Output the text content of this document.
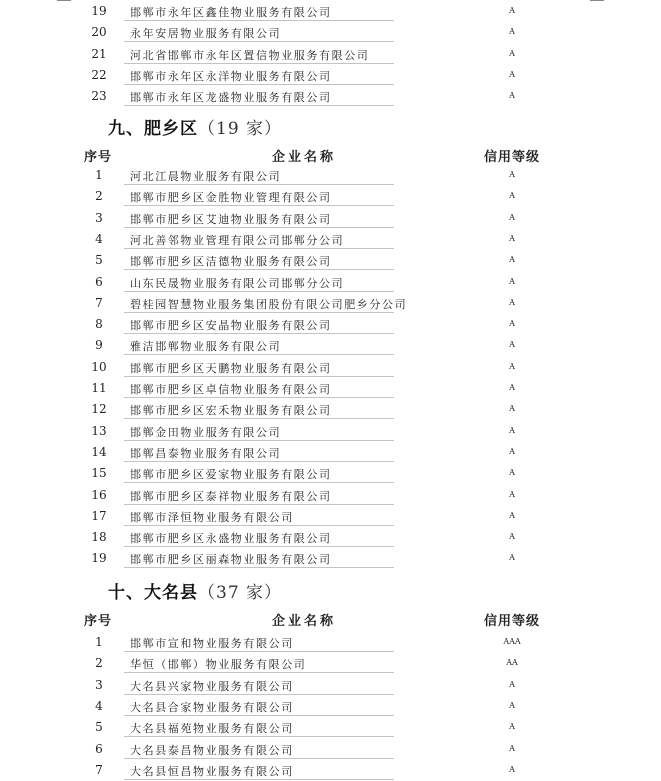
19	邯郸市永年区鑫佳物业服务有限公司	A
20	永年安居物业服务有限公司	A
21	河北省邯郸市永年区置信物业服务有限公司	A
22	邯郸市永年区永洋物业服务有限公司	A
23	邯郸市永年区龙盛物业服务有限公司	A
九、肥乡区（19 家）
序号	企业名称	信用等级
1	河北江晨物业服务有限公司	A
2	邯郸市肥乡区金胜物业管理有限公司	A
3	邯郸市肥乡区艾迪物业服务有限公司	A
4	河北善邻物业管理有限公司邯郸分公司	A
5	邯郸市肥乡区洁德物业服务有限公司	A
6	山东民晟物业服务有限公司邯郸分公司	A
7	碧桂园智慧物业服务集团股份有限公司肥乡分公司	A
8	邯郸市肥乡区安晶物业服务有限公司	A
9	雅洁邯郸物业服务有限公司	A
10	邯郸市肥乡区天鹏物业服务有限公司	A
11	邯郸市肥乡区卓信物业服务有限公司	A
12	邯郸市肥乡区宏禾物业服务有限公司	A
13	邯郸金田物业服务有限公司	A
14	邯郸昌泰物业服务有限公司	A
15	邯郸市肥乡区爱家物业服务有限公司	A
16	邯郸市肥乡区泰祥物业服务有限公司	A
17	邯郸市泽恒物业服务有限公司	A
18	邯郸市肥乡区永盛物业服务有限公司	A
19	邯郸市肥乡区丽森物业服务有限公司	A
十、大名县（37 家）
序号	企业名称	信用等级
1	邯郸市宣和物业服务有限公司	AAA
2	华恒（邯郸）物业服务有限公司	AA
3	大名县兴家物业服务有限公司	A
4	大名县合家物业服务有限公司	A
5	大名县福苑物业服务有限公司	A
6	大名县泰昌物业服务有限公司	A
7	大名县恒昌物业服务有限公司	A
